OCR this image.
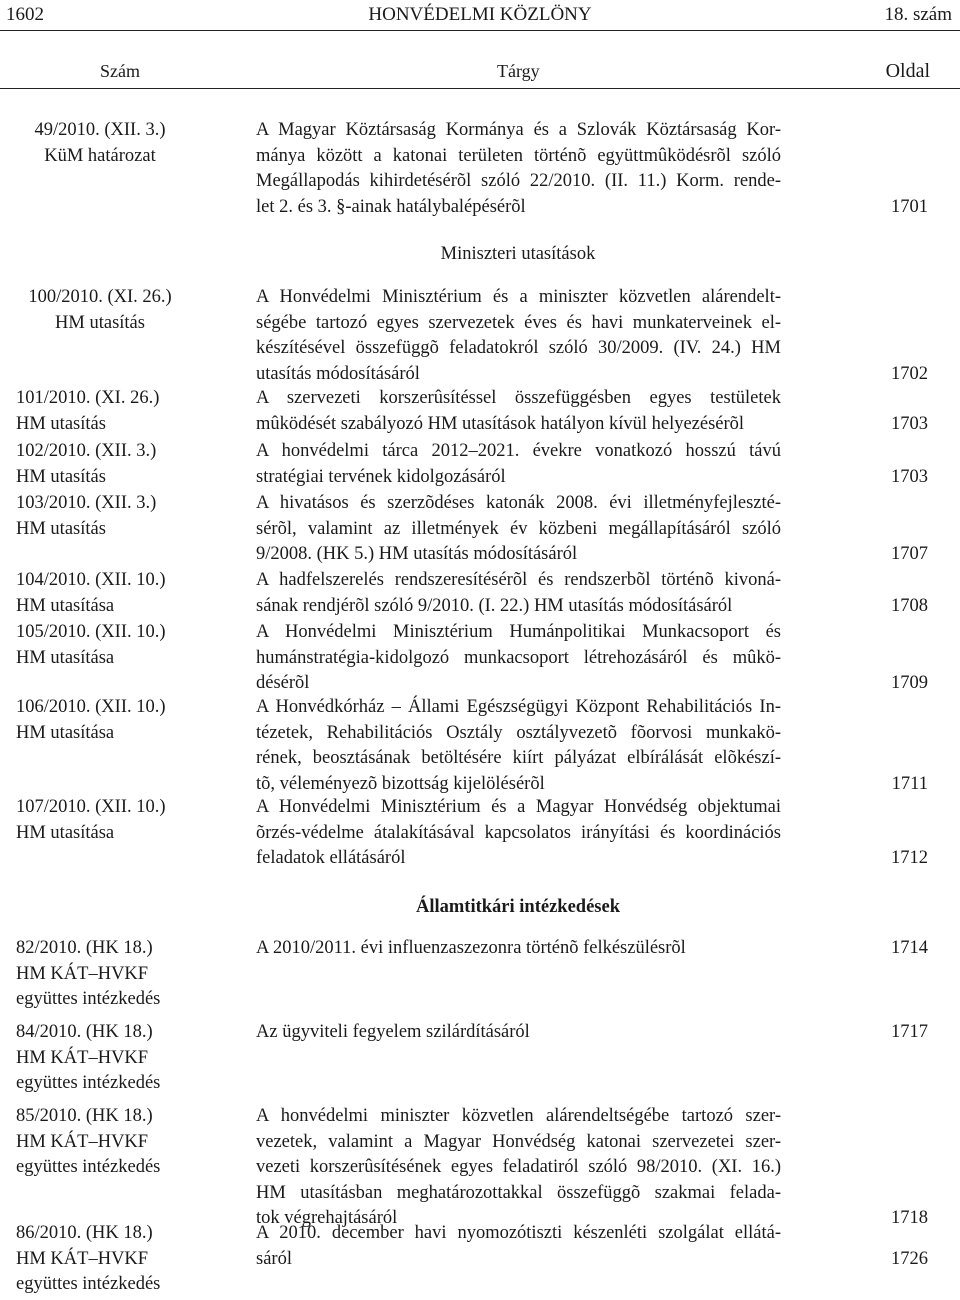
1602	HONVÉDELMI KÖZLÖNY	18. szám
Szám	Tárgy	Oldal
Miniszteri utasítások
Államtitkári intézkedések
49/2010. (XII. 3.)
KüM határozat
A Magyar Köztársaság Kormánya és a Szlovák Köztársaság Kor-
mánya között a katonai területen történõ együttmûködésrõl szóló
Megállapodás kihirdetésérõl szóló 22/2010. (II. 11.) Korm. rende-
let 2. és 3. §-ainak hatálybalépésérõl	1701
100/2010. (XI. 26.)
HM utasítás
A Honvédelmi Minisztérium és a miniszter közvetlen alárendelt-
ségébe tartozó egyes szervezetek éves és havi munkaterveinek el-
készítésével összefüggõ feladatokról szóló 30/2009. (IV. 24.) HM
utasítás módosításáról	1702
101/2010. (XI. 26.)
HM utasítás
A szervezeti korszerûsítéssel összefüggésben egyes testületek
mûködését szabályozó HM utasítások hatályon kívül helyezésérõl	1703
102/2010. (XII. 3.)
HM utasítás
A honvédelmi tárca 2012–2021. évekre vonatkozó hosszú távú
stratégiai tervének kidolgozásáról	1703
103/2010. (XII. 3.)
HM utasítás
A hivatásos és szerzõdéses katonák 2008. évi illetményfejleszté-
sérõl, valamint az illetmények év közbeni megállapításáról szóló
9/2008. (HK 5.) HM utasítás módosításáról	1707
104/2010. (XII. 10.)
HM utasítása
A hadfelszerelés rendszeresítésérõl és rendszerbõl történõ kivoná-
sának rendjérõl szóló 9/2010. (I. 22.) HM utasítás módosításáról	1708
105/2010. (XII. 10.)
HM utasítása
A Honvédelmi Minisztérium Humánpolitikai Munkacsoport és
humánstratégia-kidolgozó munkacsoport létrehozásáról és mûkö-
désérõl	1709
106/2010. (XII. 10.)
HM utasítása
A Honvédkórház – Állami Egészségügyi Központ Rehabilitációs In-
tézetek, Rehabilitációs Osztály osztályvezetõ fõorvosi munkakö-
rének, beosztásának betöltésére kiírt pályázat elbírálását elõkészí-
tõ, véleményezõ bizottság kijelölésérõl	1711
107/2010. (XII. 10.)
HM utasítása
A Honvédelmi Minisztérium és a Magyar Honvédség objektumai
õrzés-védelme átalakításával kapcsolatos irányítási és koordinációs
feladatok ellátásáról	1712
82/2010. (HK 18.)
HM KÁT–HVKF
együttes intézkedés
A 2010/2011. évi influenzaszezonra történõ felkészülésrõl	1714
84/2010. (HK 18.)
HM KÁT–HVKF
együttes intézkedés
Az ügyviteli fegyelem szilárdításáról	1717
85/2010. (HK 18.)
HM KÁT–HVKF
együttes intézkedés
A honvédelmi miniszter közvetlen alárendeltségébe tartozó szer-
vezetek, valamint a Magyar Honvédség katonai szervezetei szer-
vezeti korszerûsítésének egyes feladatiról szóló 98/2010. (XI. 16.)
HM utasításban meghatározottakkal összefüggõ szakmai felada-
tok végrehajtásáról	1718
86/2010. (HK 18.)
HM KÁT–HVKF
együttes intézkedés
A 2010. december havi nyomozótiszti készenléti szolgálat ellátá-
sáról	1726
